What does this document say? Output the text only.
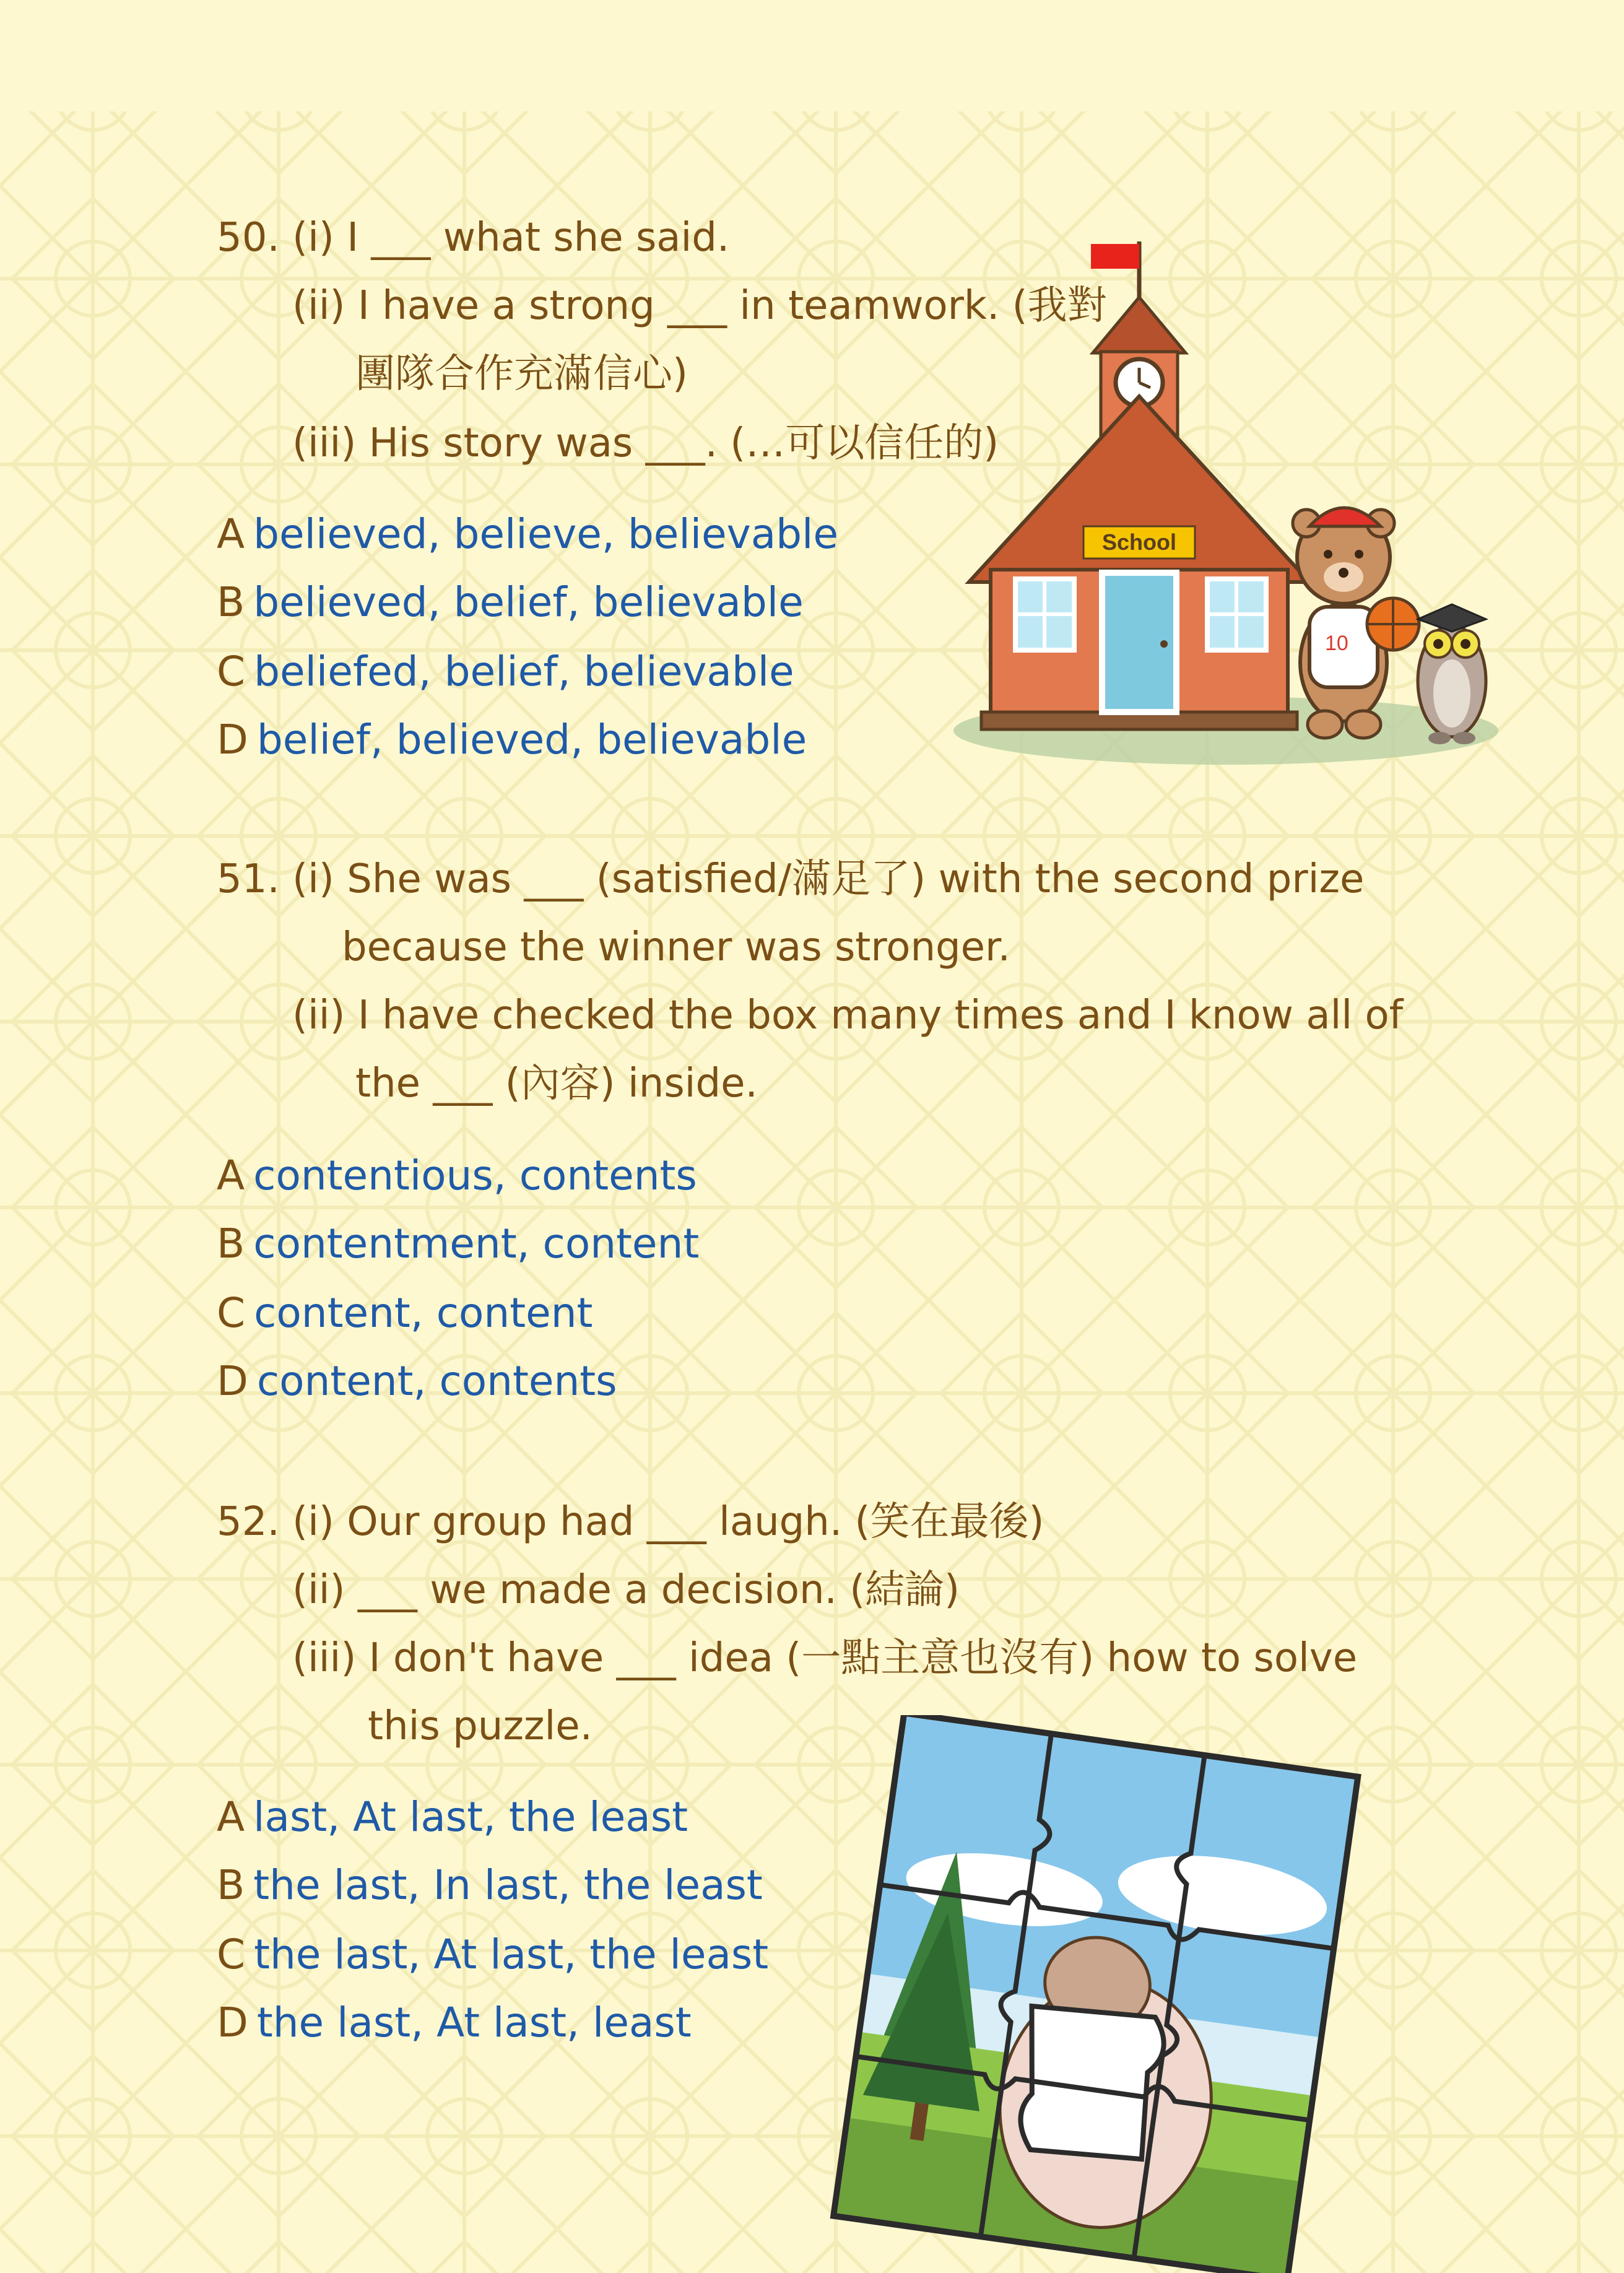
50. (i) I ___ what she said.
(ii) I have a strong ___ in teamwork. (我對
團隊合作充滿信心)
(iii) His story was ___. (…可以信任的)
A believed, believe, believable
B believed, belief, believable
C beliefed, belief, believable
D belief, believed, believable
51. (i) She was ___ (satisfied/滿足了) with the second prize
because the winner was stronger.
(ii) I have checked the box many times and I know all of
the ___ (內容) inside.
A contentious, contents
B contentment, content
C content, content
D content, contents
52. (i) Our group had ___ laugh. (笑在最後)
(ii) ___ we made a decision. (結論)
(iii) I don't have ___ idea (一點主意也沒有) how to solve
this puzzle.
A last, At last, the least
B the last, In last, the least
C the last, At last, the least
D the last, At last, least
School
10
